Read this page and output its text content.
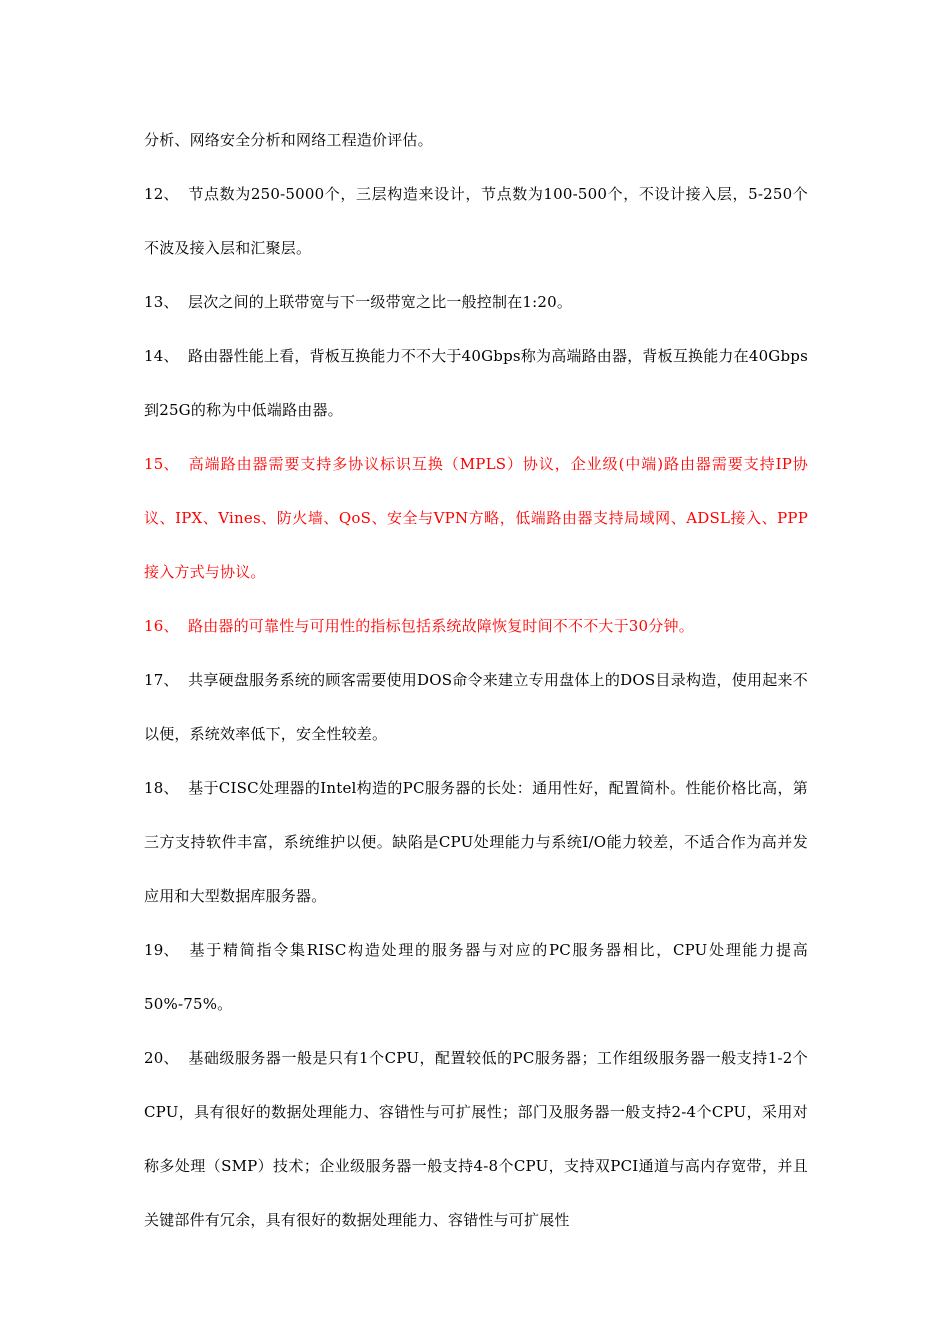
分析、网络安全分析和网络工程造价评估。

12、 节点数为250-5000个，三层构造来设计，节点数为100-500个，不设计接入层，5-250个不波及接入层和汇聚层。

13、 层次之间的上联带宽与下一级带宽之比一般控制在1:20。

14、 路由器性能上看，背板互换能力不不大于40Gbps称为高端路由器，背板互换能力在40Gbps到25G的称为中低端路由器。

15、 高端路由器需要支持多协议标识互换（MPLS）协议，企业级(中端)路由器需要支持IP协议、IPX、Vines、防火墙、QoS、安全与VPN方略，低端路由器支持局域网、ADSL接入、PPP接入方式与协议。

16、 路由器的可靠性与可用性的指标包括系统故障恢复时间不不不大于30分钟。

17、 共享硬盘服务系统的顾客需要使用DOS命令来建立专用盘体上的DOS目录构造，使用起来不以便，系统效率低下，安全性较差。

18、 基于CISC处理器的Intel构造的PC服务器的长处：通用性好，配置简朴。性能价格比高，第三方支持软件丰富，系统维护以便。缺陷是CPU处理能力与系统I/O能力较差，不适合作为高并发应用和大型数据库服务器。

19、 基于精简指令集RISC构造处理的服务器与对应的PC服务器相比，CPU处理能力提高50%-75%。

20、 基础级服务器一般是只有1个CPU，配置较低的PC服务器；工作组级服务器一般支持1-2个CPU，具有很好的数据处理能力、容错性与可扩展性；部门及服务器一般支持2-4个CPU，采用对称多处理（SMP）技术；企业级服务器一般支持4-8个CPU，支持双PCI通道与高内存宽带，并且关键部件有冗余，具有很好的数据处理能力、容错性与可扩展性
